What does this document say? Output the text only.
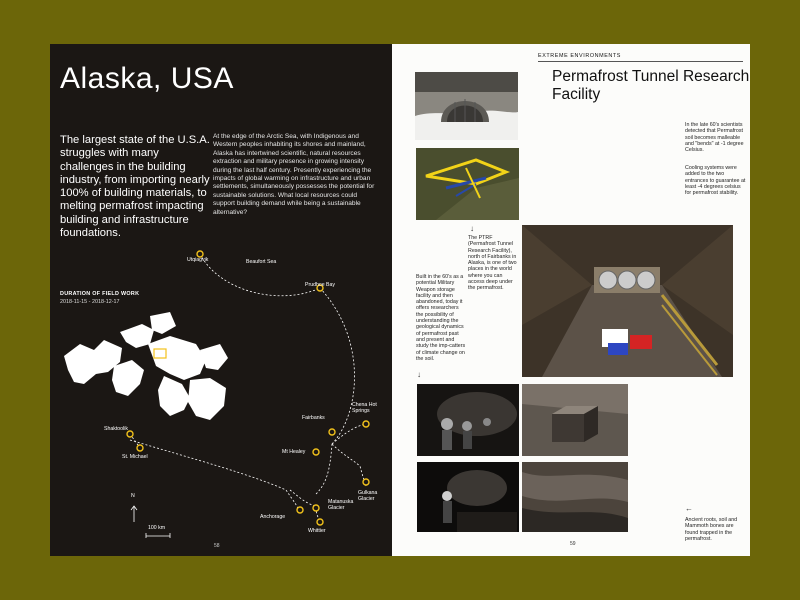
Alaska, USA

The largest state of the U.S.A. struggles with many challenges in the building industry, from importing nearly 100% of building materials, to melting permafrost impacting building and infrastructure foundations.

At the edge of the Arctic Sea, with Indigenous and Western peoples inhabiting its shores and mainland, Alaska has intertwined scientific, natural resources extraction and military presence in growing intensity during the last half century. Presently experiencing the impacts of global warming on infrastructure and urban settlements, simultaneously possesses the potential for sustainable solutions. What local resources could support building demand while being a sustainable alternative?

DURATION OF FIELD WORK
2018-11-15 - 2018-12-17
Utqiagvik	Beaufort Sea
Prudhoe Bay
Fairbanks
Chena Hot Springs
Mt Healey
Gulkana Glacier
Shaktoolik
St. Michael
Anchorage
Matanuska Glacier
Whittier
N
100 km
58
EXTREME ENVIRONMENTS
Permafrost Tunnel Research Facility
In the late 60's scientists detected that Permafrost soil becomes malleable and "bends" at -1 degree Celsius.
Cooling systems were added to the two entrances to guarantee at least -4 degrees celsius for permafrost stability.
The PTRF (Permafrost Tunnel Research Facility), north of Fairbanks in Alaska, is one of two places in the world where you can access deep under the permafrost.
Built in the 60's as a potential Military Weapon storage facility and then abandoned, today it offers researchers the possibility of understanding the geological dynamics of permafrost past and present and study the imp-catters of climate change on the soil.
Ancient roots, soil and Mammoth bones are found trapped in the permafrost.
↓
↓
←
59
